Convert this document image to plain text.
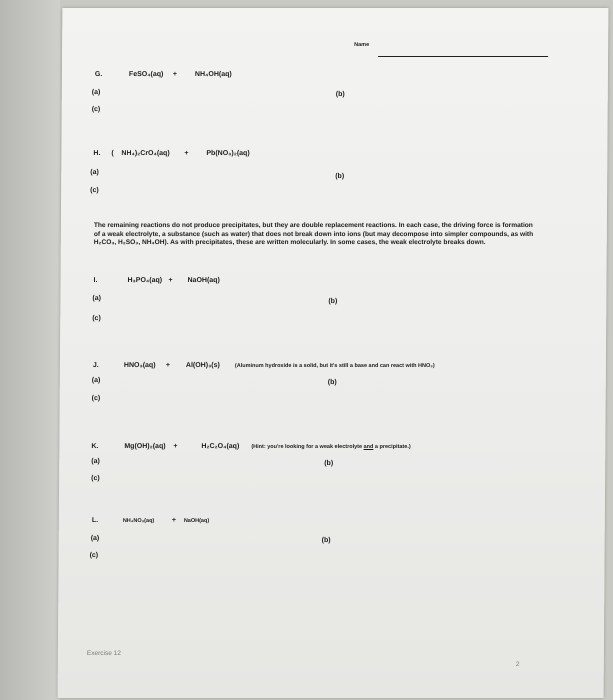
Name
G.	FeSO₄(aq) +	NH₄OH(aq)
(a)	(b)
(c)
H. ( NH₄)₂CrO₄(aq) +	Pb(NO₃)₂(aq)
(a)
(b)
(c)
The remaining reactions do not produce precipitates, but they are double replacement reactions. In each case, the driving force is formation of a weak electrolyte, a substance (such as water) that does not break down into ions (but may decompose into simpler compounds, as with H₂CO₃, H₂SO₃, NH₄OH). As with precipitates, these are written molecularly. In some cases, the weak electrolyte breaks down.
I.	H₃PO₄(aq) + NaOH(aq)
(a)	(b)
(c)
J.	HNO₃(aq) + Al(OH)₃(s)	(Aluminum hydroxide is a solid, but it's still a base and can react with HNO₃)
(a)	(b)
(c)
K.	Mg(OH)₂(aq) +	H₂C₂O₄(aq) (Hint: you're looking for a weak electrolyte and a precipitate.)
(a)	(b)
(c)
L.	NH₄NO₃(aq)	+ NaOH(aq)
(a)	(b)
(c)
Exercise 12
2
